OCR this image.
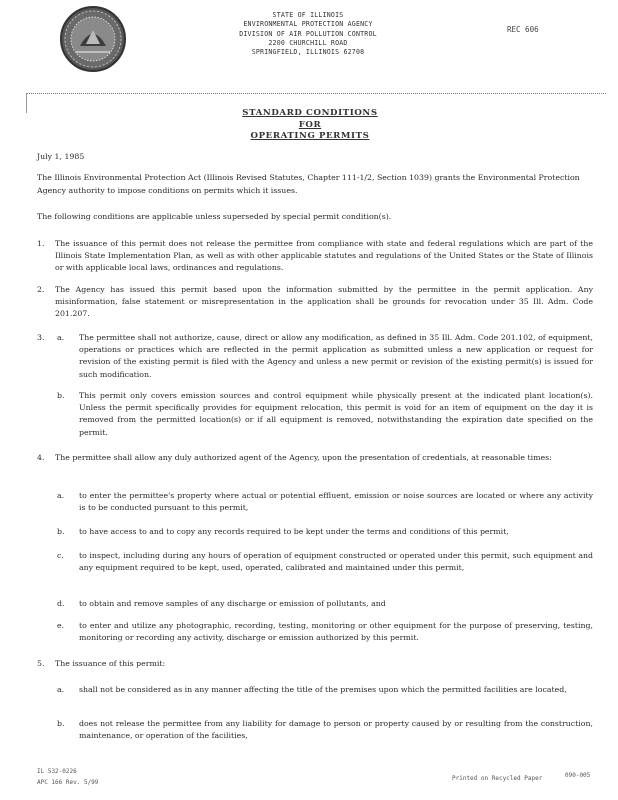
STATE OF ILLINOIS
ENVIRONMENTAL PROTECTION AGENCY
DIVISION OF AIR POLLUTION CONTROL
2200 CHURCHILL ROAD
SPRINGFIELD, ILLINOIS 62708
REC 606
STANDARD CONDITIONS
FOR
OPERATING PERMITS
July 1, 1985
The Illinois Environmental Protection Act (Illinois Revised Statutes, Chapter 111-1/2, Section 1039) grants the Environmental Protection Agency authority to impose conditions on permits which it issues.
The following conditions are applicable unless superseded by special permit condition(s).
1.	The issuance of this permit does not release the permittee from compliance with state and federal regulations which are part of the Illinois State Implementation Plan, as well as with other applicable statutes and regulations of the United States or the State of Illinois or with applicable local laws, ordinances and regulations.
2.	The Agency has issued this permit based upon the information submitted by the permittee in the permit application. Any misinformation, false statement or misrepresentation in the application shall be grounds for revocation under 35 Ill. Adm. Code 201.207.
3.	a.	The permittee shall not authorize, cause, direct or allow any modification, as defined in 35 Ill. Adm. Code 201.102, of equipment, operations or practices which are reflected in the permit application as submitted unless a new application or request for revision of the existing permit is filed with the Agency and unless a new permit or revision of the existing permit(s) is issued for such modification.
b.	This permit only covers emission sources and control equipment while physically present at the indicated plant location(s). Unless the permit specifically provides for equipment relocation, this permit is void for an item of equipment on the day it is removed from the permitted location(s) or if all equipment is removed, notwithstanding the expiration date specified on the permit.
4.	The permittee shall allow any duly authorized agent of the Agency, upon the presentation of credentials, at reasonable times:
a.	to enter the permittee's property where actual or potential effluent, emission or noise sources are located or where any activity is to be conducted pursuant to this permit,
b.	to have access to and to copy any records required to be kept under the terms and conditions of this permit,
c.	to inspect, including during any hours of operation of equipment constructed or operated under this permit, such equipment and any equipment required to be kept, used, operated, calibrated and maintained under this permit,
d.	to obtain and remove samples of any discharge or emission of pollutants, and
e.	to enter and utilize any photographic, recording, testing, monitoring or other equipment for the purpose of preserving, testing, monitoring or recording any activity, discharge or emission authorized by this permit.
5.	The issuance of this permit:
a.	shall not be considered as in any manner affecting the title of the premises upon which the permitted facilities are located,
b.	does not release the permittee from any liability for damage to person or property caused by or resulting from the construction, maintenance, or operation of the facilities,
IL 532-0226
APC 166 Rev. 5/99
Printed on Recycled Paper	090-005
